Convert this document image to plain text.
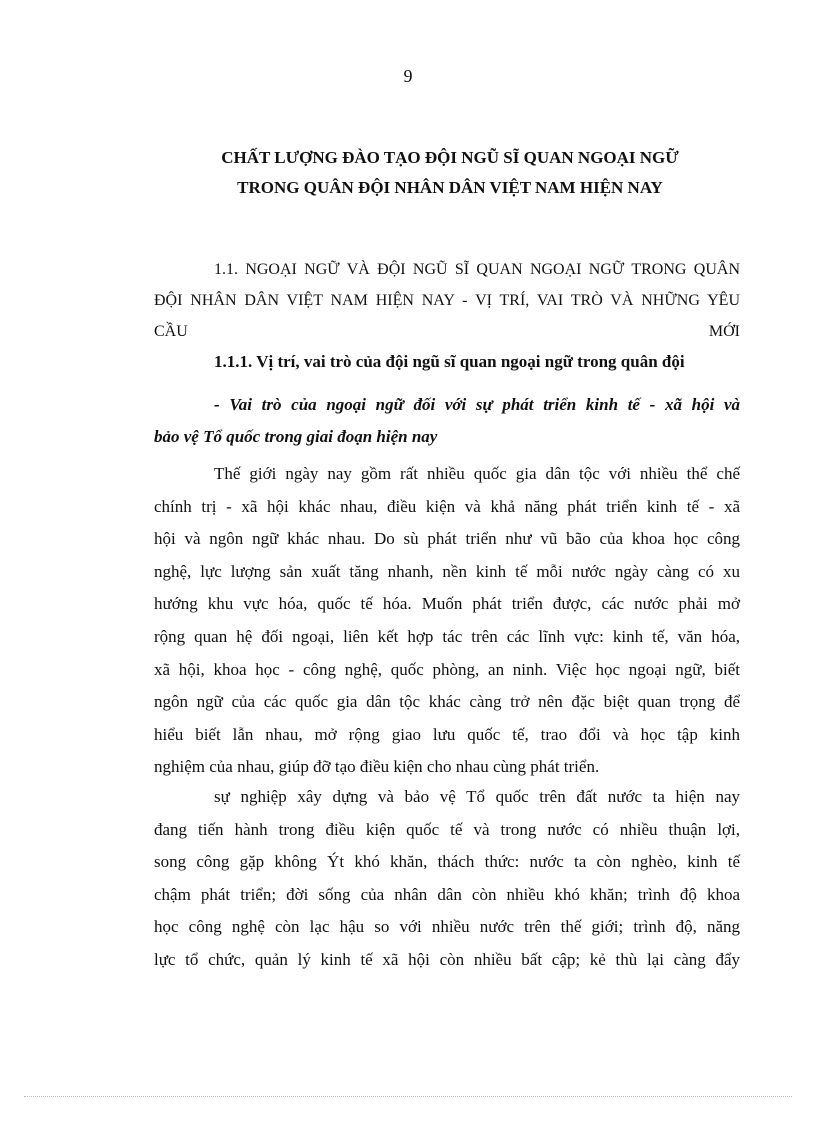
9
CHẤT LƯỢNG ĐÀO TẠO ĐỘI NGŨ SĨ QUAN NGOẠI NGỮ
TRONG QUÂN ĐỘI NHÂN DÂN VIỆT NAM HIỆN NAY
1.1. NGOẠI NGỮ VÀ ĐỘI NGŨ SĨ QUAN NGOẠI NGỮ TRONG QUÂN
ĐỘI NHÂN DÂN VIỆT NAM HIỆN NAY - VỊ TRÍ, VAI TRÒ VÀ NHỮNG YÊU
CẦU MỚI
1.1.1. Vị trí, vai trò của đội ngũ sĩ quan ngoại ngữ trong quân đội
- Vai trò của ngoại ngữ đối với sự phát triển kinh tế - xã hội và
bảo vệ Tổ quốc trong giai đoạn hiện nay
Thế giới ngày nay gồm rất nhiều quốc gia dân tộc với nhiều thể chế
chính trị - xã hội khác nhau, điều kiện và khả năng phát triển kinh tế - xã
hội và ngôn ngữ khác nhau. Do sù phát triển như vũ bão của khoa học công
nghệ, lực lượng sản xuất tăng nhanh, nền kinh tế mỗi nước ngày càng có xu
hướng khu vực hóa, quốc tế hóa. Muốn phát triển được, các nước phải mở
rộng quan hệ đối ngoại, liên kết hợp tác trên các lĩnh vực: kinh tế, văn hóa,
xã hội, khoa học - công nghệ, quốc phòng, an ninh. Việc học ngoại ngữ, biết
ngôn ngữ của các quốc gia dân tộc khác càng trở nên đặc biệt quan trọng để
hiểu biết lẫn nhau, mở rộng giao lưu quốc tế, trao đổi và học tập kinh
nghiệm của nhau, giúp đỡ tạo điều kiện cho nhau cùng phát triển.
sự nghiệp xây dựng và bảo vệ Tổ quốc trên đất nước ta hiện nay
đang tiến hành trong điều kiện quốc tế và trong nước có nhiều thuận lợi,
song công gặp không Ýt khó khăn, thách thức: nước ta còn nghèo, kinh tế
chậm phát triển; đời sống của nhân dân còn nhiều khó khăn; trình độ khoa
học công nghệ còn lạc hậu so với nhiều nước trên thế giới; trình độ, năng
lực tổ chức, quản lý kinh tế xã hội còn nhiều bất cập; kẻ thù lại càng đẩy
